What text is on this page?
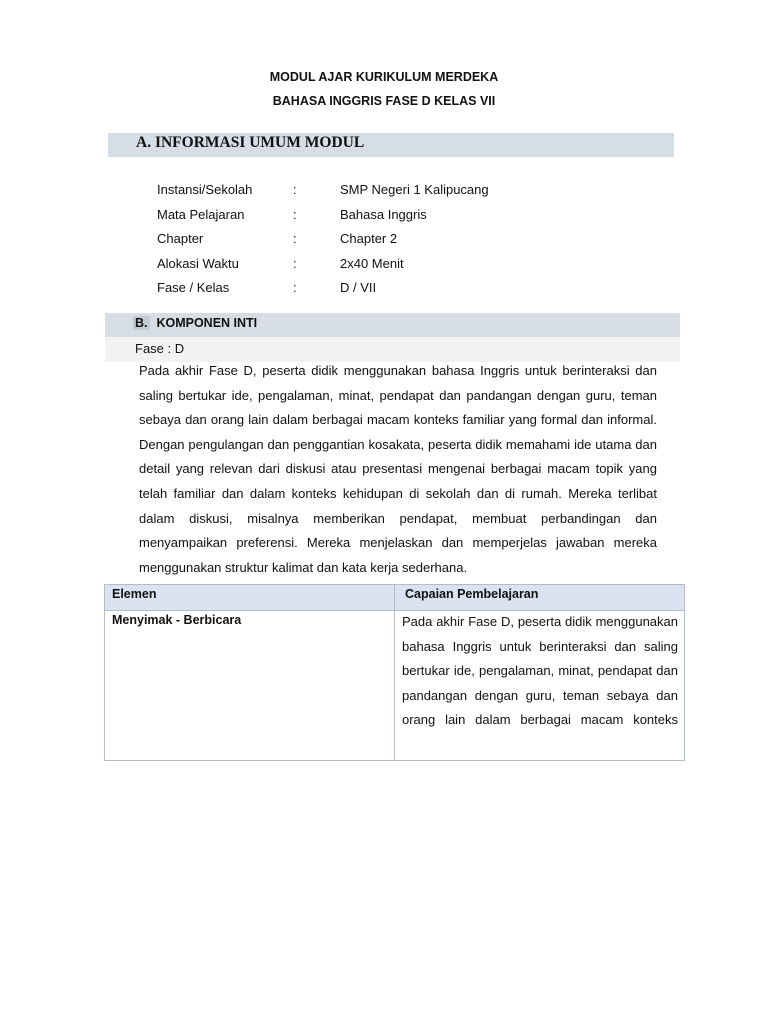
MODUL AJAR KURIKULUM MERDEKA
BAHASA INGGRIS FASE D KELAS VII
A. INFORMASI UMUM MODUL
Instansi/Sekolah	:	SMP Negeri 1 Kalipucang
Mata Pelajaran	:	Bahasa Inggris
Chapter	:	Chapter 2
Alokasi Waktu	:	2x40 Menit
Fase / Kelas	:	D / VII
B. KOMPONEN INTI
Fase : D
Pada akhir Fase D, peserta didik menggunakan bahasa Inggris untuk berinteraksi dan saling bertukar ide, pengalaman, minat, pendapat dan pandangan dengan guru, teman sebaya dan orang lain dalam berbagai macam konteks familiar yang formal dan informal. Dengan pengulangan dan penggantian kosakata, peserta didik memahami ide utama dan detail yang relevan dari diskusi atau presentasi mengenai berbagai macam topik yang telah familiar dan dalam konteks kehidupan di sekolah dan di rumah. Mereka terlibat dalam diskusi, misalnya memberikan pendapat, membuat perbandingan dan menyampaikan preferensi. Mereka menjelaskan dan memperjelas jawaban mereka menggunakan struktur kalimat dan kata kerja sederhana.
Elemen	Capaian Pembelajaran
Menyimak - Berbicara	Pada akhir Fase D, peserta didik menggunakan bahasa Inggris untuk berinteraksi dan saling bertukar ide, pengalaman, minat, pendapat dan pandangan dengan guru, teman sebaya dan orang lain dalam berbagai macam konteks
